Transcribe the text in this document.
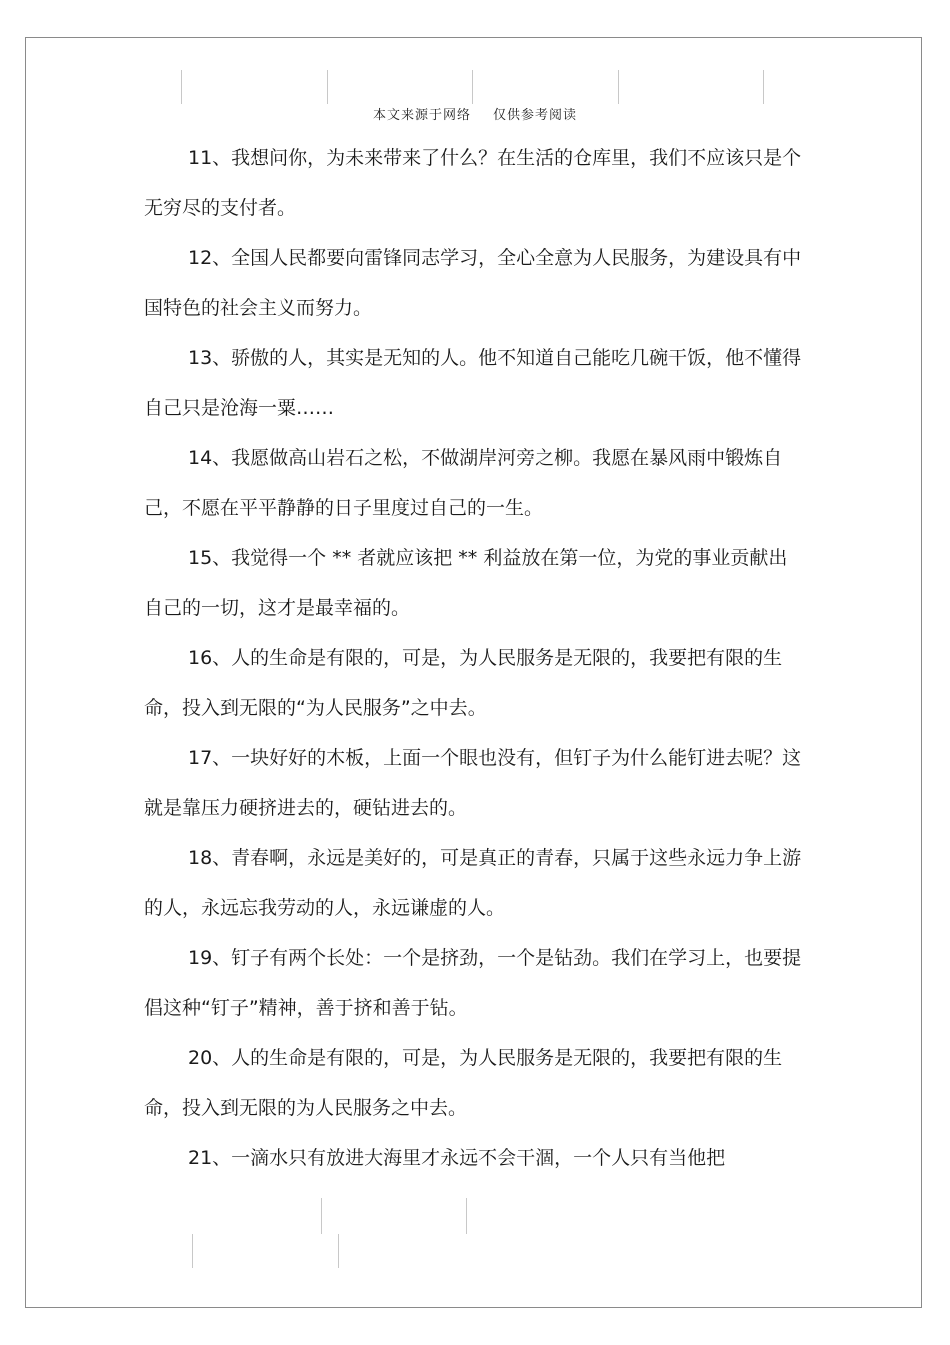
本文来源于网络 仅供参考阅读

11、我想问你，为未来带来了什么？在生活的仓库里，我们不应该只是个无穷尽的支付者。

12、全国人民都要向雷锋同志学习，全心全意为人民服务，为建设具有中国特色的社会主义而努力。

13、骄傲的人，其实是无知的人。他不知道自己能吃几碗干饭，他不懂得自己只是沧海一粟……

14、我愿做高山岩石之松，不做湖岸河旁之柳。我愿在暴风雨中锻炼自己，不愿在平平静静的日子里度过自己的一生。

15、我觉得一个 ** 者就应该把 ** 利益放在第一位，为党的事业贡献出自己的一切，这才是最幸福的。

16、人的生命是有限的，可是，为人民服务是无限的，我要把有限的生命，投入到无限的“为人民服务”之中去。

17、一块好好的木板，上面一个眼也没有，但钉子为什么能钉进去呢？这就是靠压力硬挤进去的，硬钻进去的。

18、青春啊，永远是美好的，可是真正的青春，只属于这些永远力争上游的人，永远忘我劳动的人，永远谦虚的人。

19、钉子有两个长处：一个是挤劲，一个是钻劲。我们在学习上，也要提倡这种“钉子”精神，善于挤和善于钻。

20、人的生命是有限的，可是，为人民服务是无限的，我要把有限的生命，投入到无限的为人民服务之中去。

21、一滴水只有放进大海里才永远不会干涸，一个人只有当他把
